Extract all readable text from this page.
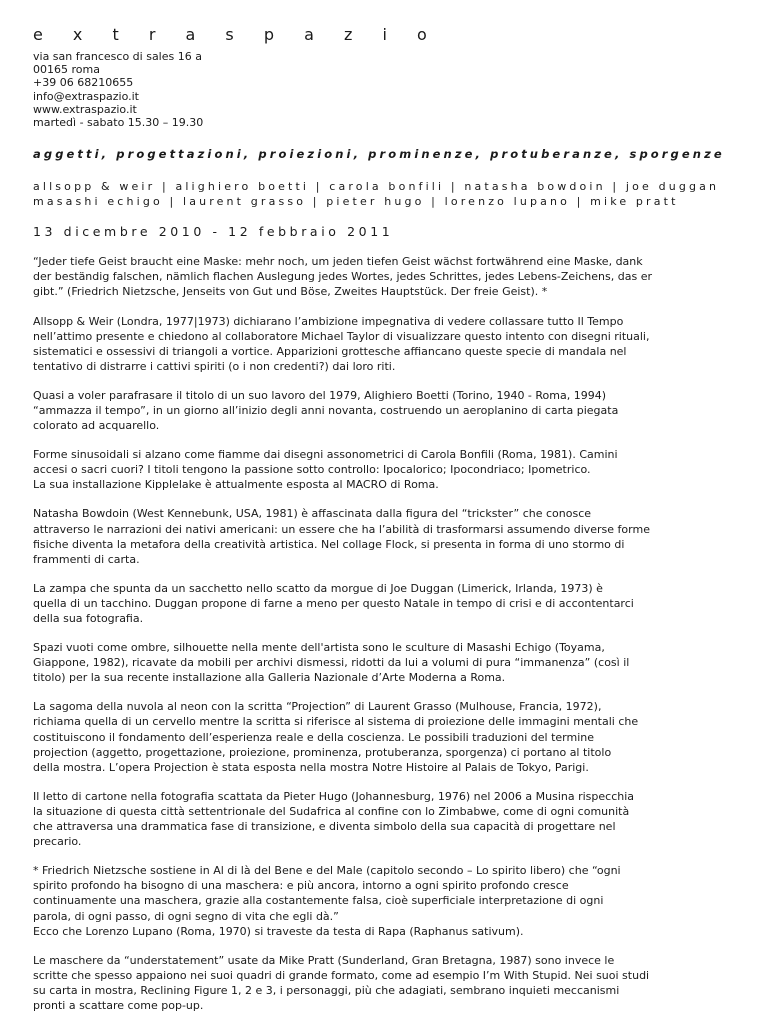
e x t r a s p a z i o
via san francesco di sales 16 a
00165 roma
+39 06 68210655
info@extraspazio.it
www.extraspazio.it
martedì - sabato 15.30 – 19.30
aggetti, progettazioni, proiezioni, prominenze, protuberanze, sporgenze
allsopp & weir | alighiero boetti | carola bonfili | natasha bowdoin | joe duggan
masashi echigo | laurent grasso | pieter hugo | lorenzo lupano | mike pratt
13 dicembre 2010 - 12 febbraio 2011
“Jeder tiefe Geist braucht eine Maske: mehr noch, um jeden tiefen Geist wächst fortwährend eine Maske, dank
der beständig falschen, nämlich flachen Auslegung jedes Wortes, jedes Schrittes, jedes Lebens-Zeichens, das er
gibt.” (Friedrich Nietzsche, Jenseits von Gut und Böse, Zweites Hauptstück. Der freie Geist). *
Allsopp & Weir (Londra, 1977|1973) dichiarano l’ambizione impegnativa di vedere collassare tutto Il Tempo
nell’attimo presente e chiedono al collaboratore Michael Taylor di visualizzare questo intento con disegni rituali,
sistematici e ossessivi di triangoli a vortice. Apparizioni grottesche affiancano queste specie di mandala nel
tentativo di distrarre i cattivi spiriti (o i non credenti?) dai loro riti.
Quasi a voler parafrasare il titolo di un suo lavoro del 1979, Alighiero Boetti (Torino, 1940 - Roma, 1994)
“ammazza il tempo”, in un giorno all’inizio degli anni novanta, costruendo un aeroplanino di carta piegata
colorato ad acquarello.
Forme sinusoidali si alzano come fiamme dai disegni assonometrici di Carola Bonfili (Roma, 1981). Camini
accesi o sacri cuori? I titoli tengono la passione sotto controllo: Ipocalorico; Ipocondriaco; Ipometrico.
La sua installazione Kipplelake è attualmente esposta al MACRO di Roma.
Natasha Bowdoin (West Kennebunk, USA, 1981) è affascinata dalla figura del “trickster” che conosce
attraverso le narrazioni dei nativi americani: un essere che ha l’abilità di trasformarsi assumendo diverse forme
fisiche diventa la metafora della creatività artistica. Nel collage Flock, si presenta in forma di uno stormo di
frammenti di carta.
La zampa che spunta da un sacchetto nello scatto da morgue di Joe Duggan (Limerick, Irlanda, 1973) è
quella di un tacchino. Duggan propone di farne a meno per questo Natale in tempo di crisi e di accontentarci
della sua fotografia.
Spazi vuoti come ombre, silhouette nella mente dell'artista sono le sculture di Masashi Echigo (Toyama,
Giappone, 1982), ricavate da mobili per archivi dismessi, ridotti da lui a volumi di pura “immanenza” (così il
titolo) per la sua recente installazione alla Galleria Nazionale d’Arte Moderna a Roma.
La sagoma della nuvola al neon con la scritta “Projection” di Laurent Grasso (Mulhouse, Francia, 1972),
richiama quella di un cervello mentre la scritta si riferisce al sistema di proiezione delle immagini mentali che
costituiscono il fondamento dell’esperienza reale e della coscienza. Le possibili traduzioni del termine
projection (aggetto, progettazione, proiezione, prominenza, protuberanza, sporgenza) ci portano al titolo
della mostra. L’opera Projection è stata esposta nella mostra Notre Histoire al Palais de Tokyo, Parigi.
Il letto di cartone nella fotografia scattata da Pieter Hugo (Johannesburg, 1976) nel 2006 a Musina rispecchia
la situazione di questa città settentrionale del Sudafrica al confine con lo Zimbabwe, come di ogni comunità
che attraversa una drammatica fase di transizione, e diventa simbolo della sua capacità di progettare nel
precario.
* Friedrich Nietzsche sostiene in Al di là del Bene e del Male (capitolo secondo – Lo spirito libero) che “ogni
spirito profondo ha bisogno di una maschera: e più ancora, intorno a ogni spirito profondo cresce
continuamente una maschera, grazie alla costantemente falsa, cioè superficiale interpretazione di ogni
parola, di ogni passo, di ogni segno di vita che egli dà.”
Ecco che Lorenzo Lupano (Roma, 1970) si traveste da testa di Rapa (Raphanus sativum).
Le maschere da “understatement” usate da Mike Pratt (Sunderland, Gran Bretagna, 1987) sono invece le
scritte che spesso appaiono nei suoi quadri di grande formato, come ad esempio I’m With Stupid. Nei suoi studi
su carta in mostra, Reclining Figure 1, 2 e 3, i personaggi, più che adagiati, sembrano inquieti meccanismi
pronti a scattare come pop-up.
